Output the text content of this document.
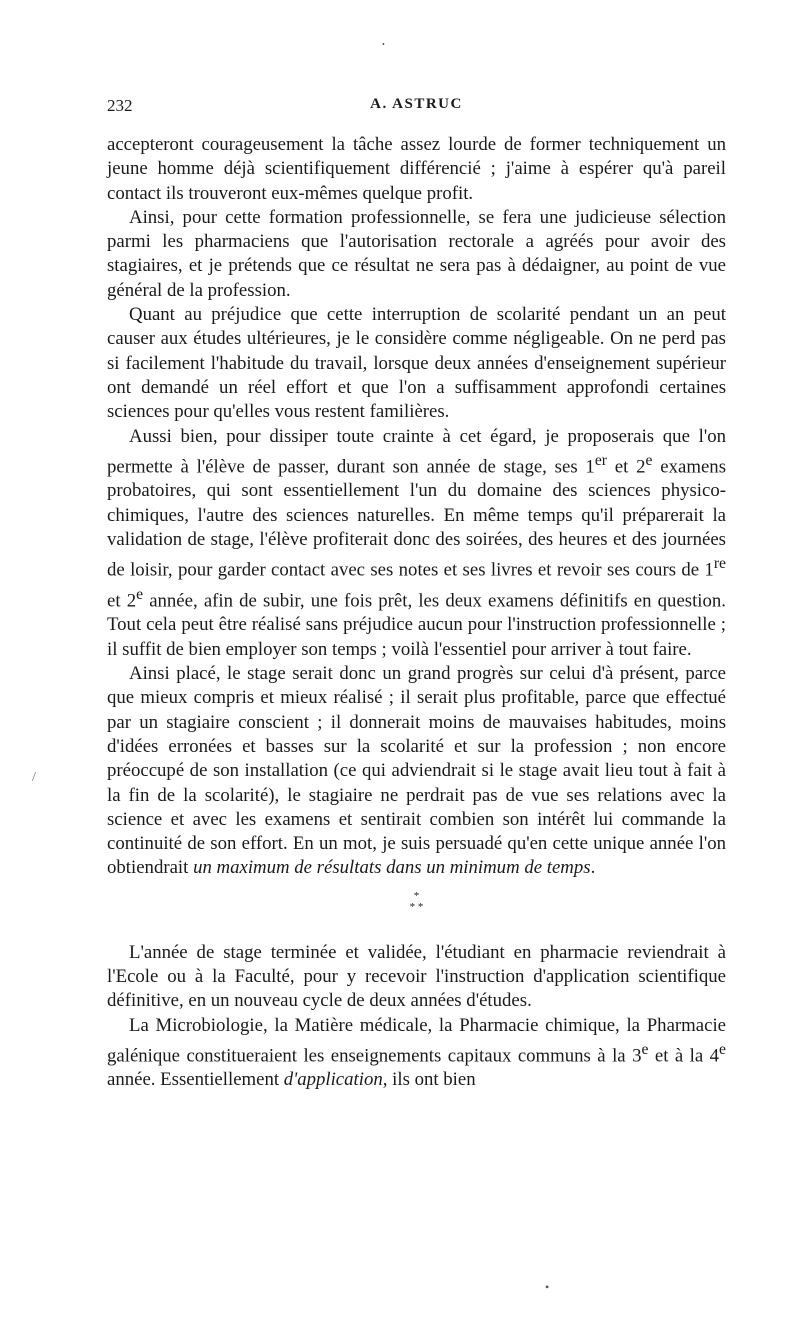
•
232	A. ASTRUC
/

accepteront courageusement la tâche assez lourde de former techniquement un jeune homme déjà scientifiquement différencié ; j'aime à espérer qu'à pareil contact ils trouveront eux-mêmes quelque profit.

Ainsi, pour cette formation professionnelle, se fera une judicieuse sélection parmi les pharmaciens que l'autorisation rectorale a agréés pour avoir des stagiaires, et je prétends que ce résultat ne sera pas à dédaigner, au point de vue général de la profession.

Quant au préjudice que cette interruption de scolarité pendant un an peut causer aux études ultérieures, je le considère comme négligeable. On ne perd pas si facilement l'habitude du travail, lorsque deux années d'enseignement supérieur ont demandé un réel effort et que l'on a suffisamment approfondi certaines sciences pour qu'elles vous restent familières.

Aussi bien, pour dissiper toute crainte à cet égard, je proposerais que l'on permette à l'élève de passer, durant son année de stage, ses 1er et 2e examens probatoires, qui sont essentiellement l'un du domaine des sciences physico-chimiques, l'autre des sciences naturelles. En même temps qu'il préparerait la validation de stage, l'élève profiterait donc des soirées, des heures et des journées de loisir, pour garder contact avec ses notes et ses livres et revoir ses cours de 1re et 2e année, afin de subir, une fois prêt, les deux examens définitifs en question. Tout cela peut être réalisé sans préjudice aucun pour l'instruction professionnelle ; il suffit de bien employer son temps ; voilà l'essentiel pour arriver à tout faire.

Ainsi placé, le stage serait donc un grand progrès sur celui d'à présent, parce que mieux compris et mieux réalisé ; il serait plus profitable, parce que effectué par un stagiaire conscient ; il donnerait moins de mauvaises habitudes, moins d'idées erronées et basses sur la scolarité et sur la profession ; non encore préoccupé de son installation (ce qui adviendrait si le stage avait lieu tout à fait à la fin de la scolarité), le stagiaire ne perdrait pas de vue ses relations avec la science et avec les examens et sentirait combien son intérêt lui commande la continuité de son effort. En un mot, je suis persuadé qu'en cette unique année l'on obtiendrait un maximum de résultats dans un minimum de temps.

*
* *

L'année de stage terminée et validée, l'étudiant en pharmacie reviendrait à l'Ecole ou à la Faculté, pour y recevoir l'instruction d'application scientifique définitive, en un nouveau cycle de deux années d'études.

La Microbiologie, la Matière médicale, la Pharmacie chimique, la Pharmacie galénique constitueraient les enseignements capitaux communs à la 3e et à la 4e année. Essentiellement d'application, ils ont bien

•
